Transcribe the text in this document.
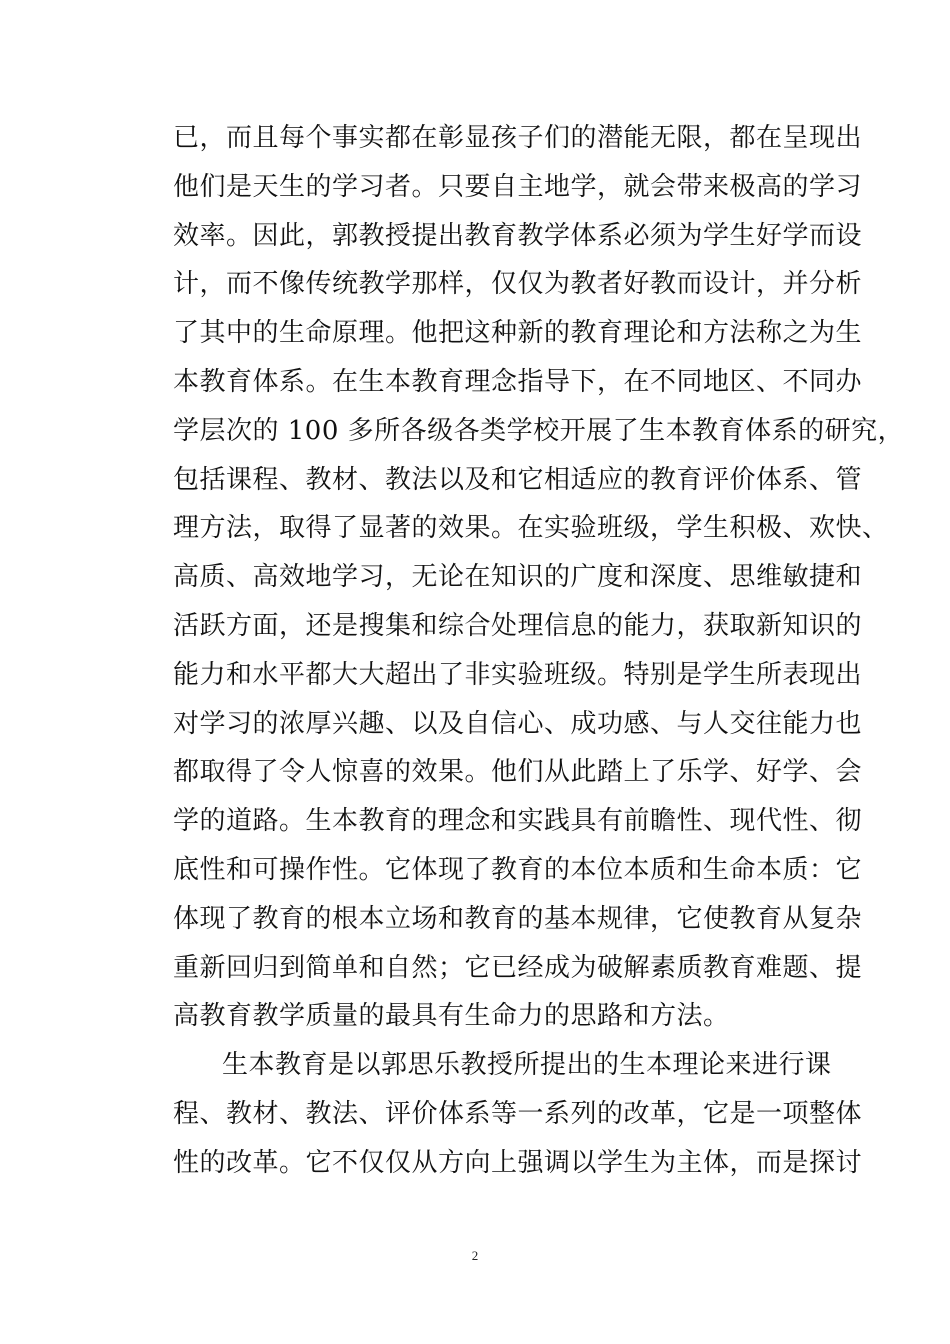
已，而且每个事实都在彰显孩子们的潜能无限，都在呈现出
他们是天生的学习者。只要自主地学，就会带来极高的学习
效率。因此，郭教授提出教育教学体系必须为学生好学而设
计，而不像传统教学那样，仅仅为教者好教而设计，并分析
了其中的生命原理。他把这种新的教育理论和方法称之为生
本教育体系。在生本教育理念指导下，在不同地区、不同办
学层次的 100 多所各级各类学校开展了生本教育体系的研究，
包括课程、教材、教法以及和它相适应的教育评价体系、管
理方法，取得了显著的效果。在实验班级，学生积极、欢快、
高质、高效地学习，无论在知识的广度和深度、思维敏捷和
活跃方面，还是搜集和综合处理信息的能力，获取新知识的
能力和水平都大大超出了非实验班级。特别是学生所表现出
对学习的浓厚兴趣、以及自信心、成功感、与人交往能力也
都取得了令人惊喜的效果。他们从此踏上了乐学、好学、会
学的道路。生本教育的理念和实践具有前瞻性、现代性、彻
底性和可操作性。它体现了教育的本位本质和生命本质：它
体现了教育的根本立场和教育的基本规律，它使教育从复杂
重新回归到简单和自然；它已经成为破解素质教育难题、提
高教育教学质量的最具有生命力的思路和方法。
生本教育是以郭思乐教授所提出的生本理论来进行课
程、教材、教法、评价体系等一系列的改革，它是一项整体
性的改革。它不仅仅从方向上强调以学生为主体，而是探讨
2
